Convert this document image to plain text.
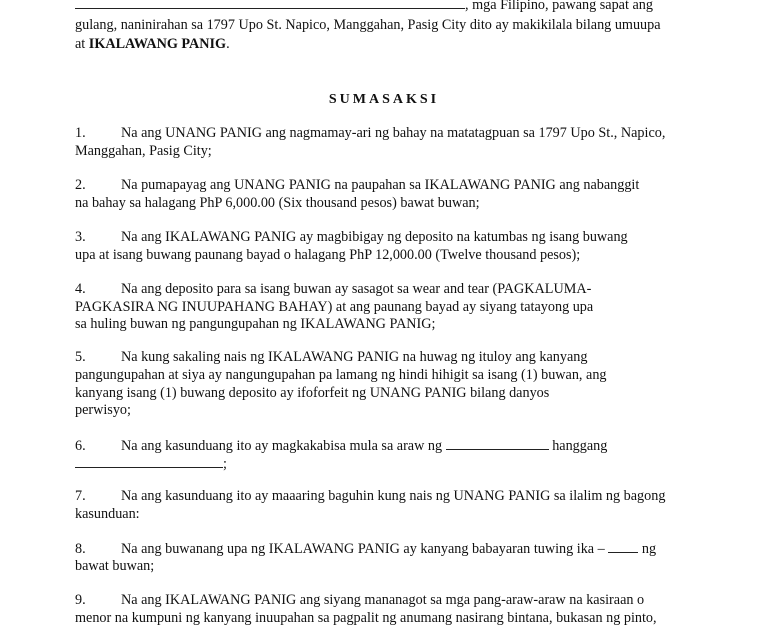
, mga Filipino, pawang sapat ang
gulang, naninirahan sa 1797 Upo St. Napico, Manggahan, Pasig City dito ay makikilala bilang umuupa
at IKALAWANG PANIG.
SUMASAKSI
1. Na ang UNANG PANIG ang nagmamay-ari ng bahay na matatagpuan sa 1797 Upo St., Napico,
Manggahan, Pasig City;
2. Na pumapayag ang UNANG PANIG na paupahan sa IKALAWANG PANIG ang nabanggit
na bahay sa halagang PhP 6,000.00 (Six thousand pesos) bawat buwan;
3. Na ang IKALAWANG PANIG ay magbibigay ng deposito na katumbas ng isang buwang
upa at isang buwang paunang bayad o halagang PhP 12,000.00 (Twelve thousand pesos);
4. Na ang deposito para sa isang buwan ay sasagot sa wear and tear (PAGKALUMA-
PAGKASIRA NG INUUPAHANG BAHAY) at ang paunang bayad ay siyang tatayong upa
sa huling buwan ng pangungupahan ng IKALAWANG PANIG;
5. Na kung sakaling nais ng IKALAWANG PANIG na huwag ng ituloy ang kanyang
pangungupahan at siya ay nangungupahan pa lamang ng hindi hihigit sa isang (1) buwan, ang
kanyang isang (1) buwang deposito ay ifoforfeit ng UNANG PANIG bilang danyos
perwisyo;
6. Na ang kasunduang ito ay magkakabisa mula sa araw ng	hanggang
;
7. Na ang kasunduang ito ay maaaring baguhin kung nais ng UNANG PANIG sa ilalim ng bagong
kasunduan:
8. Na ang buwanang upa ng IKALAWANG PANIG ay kanyang babayaran tuwing ika –	ng
bawat buwan;
9. Na ang IKALAWANG PANIG ang siyang mananagot sa mga pang-araw-araw na kasiraan o
menor na kumpuni ng kanyang inuupahan sa pagpalit ng anumang nasirang bintana, bukasan ng pinto,
